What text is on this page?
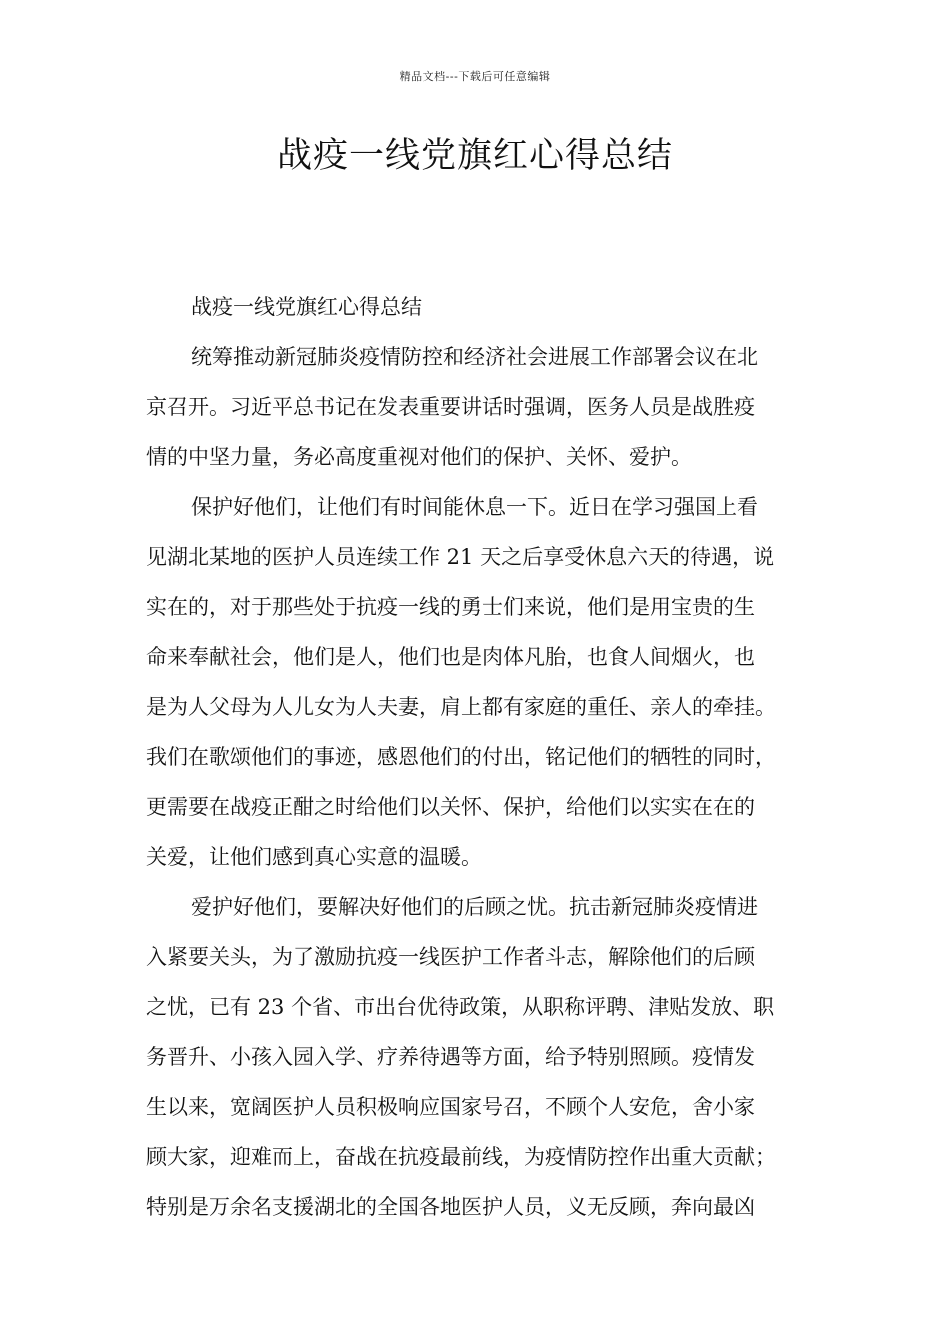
精品文档---下载后可任意编辑
战疫一线党旗红心得总结
战疫一线党旗红心得总结
统筹推动新冠肺炎疫情防控和经济社会进展工作部署会议在北
京召开。习近平总书记在发表重要讲话时强调，医务人员是战胜疫
情的中坚力量，务必高度重视对他们的保护、关怀、爱护。
保护好他们，让他们有时间能休息一下。近日在学习强国上看
见湖北某地的医护人员连续工作 21 天之后享受休息六天的待遇，说
实在的，对于那些处于抗疫一线的勇士们来说，他们是用宝贵的生
命来奉献社会，他们是人，他们也是肉体凡胎，也食人间烟火，也
是为人父母为人儿女为人夫妻，肩上都有家庭的重任、亲人的牵挂。
我们在歌颂他们的事迹，感恩他们的付出，铭记他们的牺牲的同时，
更需要在战疫正酣之时给他们以关怀、保护，给他们以实实在在的
关爱，让他们感到真心实意的温暖。
爱护好他们，要解决好他们的后顾之忧。抗击新冠肺炎疫情进
入紧要关头，为了激励抗疫一线医护工作者斗志，解除他们的后顾
之忧，已有 23 个省、市出台优待政策，从职称评聘、津贴发放、职
务晋升、小孩入园入学、疗养待遇等方面，给予特别照顾。疫情发
生以来，宽阔医护人员积极响应国家号召，不顾个人安危，舍小家
顾大家，迎难而上，奋战在抗疫最前线，为疫情防控作出重大贡献；
特别是万余名支援湖北的全国各地医护人员，义无反顾，奔向最凶
